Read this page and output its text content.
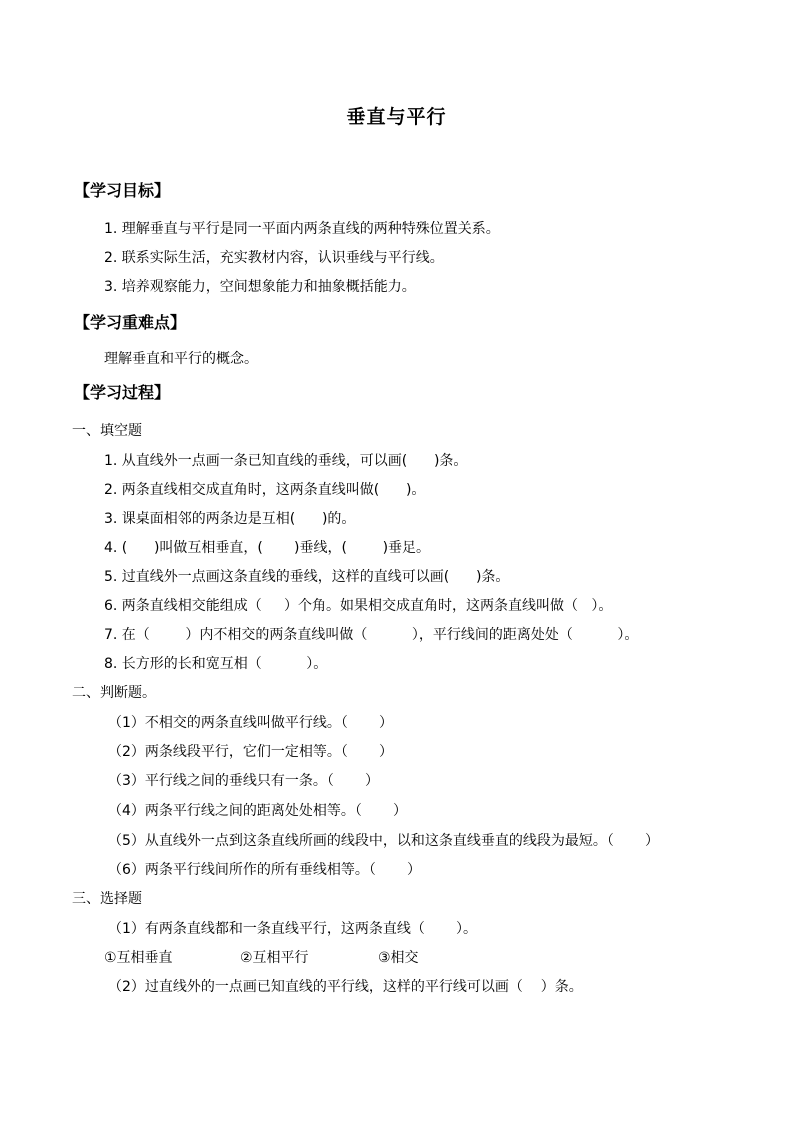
垂直与平行
【学习目标】
1. 理解垂直与平行是同一平面内两条直线的两种特殊位置关系。
2. 联系实际生活，充实教材内容，认识垂线与平行线。
3. 培养观察能力，空间想象能力和抽象概括能力。
【学习重难点】
理解垂直和平行的概念。
【学习过程】
一、填空题
1. 从直线外一点画一条已知直线的垂线，可以画(      )条。
2. 两条直线相交成直角时，这两条直线叫做(      )。
3. 课桌面相邻的两条边是互相(      )的。
4. (      )叫做互相垂直，(       )垂线，(        )垂足。
5. 过直线外一点画这条直线的垂线，这样的直线可以画(      )条。
6. 两条直线相交能组成（     ）个角。如果相交成直角时，这两条直线叫做（   ）。
7. 在（        ）内不相交的两条直线叫做（          ），平行线间的距离处处（          ）。
8. 长方形的长和宽互相（          ）。
二、判断题。
（1）不相交的两条直线叫做平行线。（       ）
（2）两条线段平行，它们一定相等。（       ）
（3）平行线之间的垂线只有一条。（       ）
（4）两条平行线之间的距离处处相等。（       ）
（5）从直线外一点到这条直线所画的线段中，以和这条直线垂直的线段为最短。（       ）
（6）两条平行线间所作的所有垂线相等。（       ）
三、选择题
（1）有两条直线都和一条直线平行，这两条直线（       ）。
①互相垂直	②互相平行	③相交
（2）过直线外的一点画已知直线的平行线，这样的平行线可以画（    ）条。
